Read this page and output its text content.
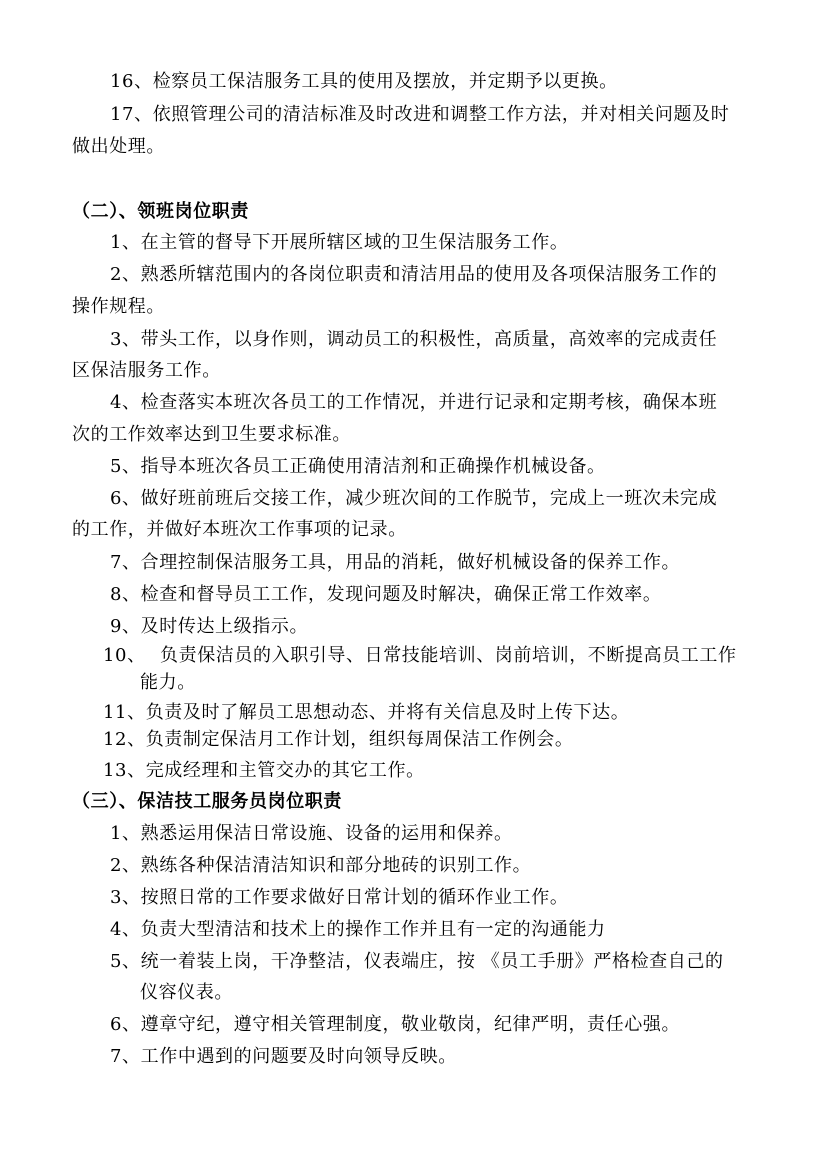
16、检察员工保洁服务工具的使用及摆放，并定期予以更换。
17、依照管理公司的清洁标准及时改进和调整工作方法，并对相关问题及时
做出处理。
（二）、领班岗位职责
1、在主管的督导下开展所辖区域的卫生保洁服务工作。
2、熟悉所辖范围内的各岗位职责和清洁用品的使用及各项保洁服务工作的
操作规程。
3、带头工作，以身作则，调动员工的积极性，高质量，高效率的完成责任
区保洁服务工作。
4、检查落实本班次各员工的工作情况，并进行记录和定期考核，确保本班
次的工作效率达到卫生要求标准。
5、指导本班次各员工正确使用清洁剂和正确操作机械设备。
6、做好班前班后交接工作，减少班次间的工作脱节，完成上一班次未完成
的工作，并做好本班次工作事项的记录。
7、合理控制保洁服务工具，用品的消耗，做好机械设备的保养工作。
8、检查和督导员工工作，发现问题及时解决，确保正常工作效率。
9、及时传达上级指示。
10、 负责保洁员的入职引导、日常技能培训、岗前培训，不断提高员工工作
能力。
11、负责及时了解员工思想动态、并将有关信息及时上传下达。
12、负责制定保洁月工作计划，组织每周保洁工作例会。
13、完成经理和主管交办的其它工作。
（三）、保洁技工服务员岗位职责
1、熟悉运用保洁日常设施、设备的运用和保养。
2、熟练各种保洁清洁知识和部分地砖的识别工作。
3、按照日常的工作要求做好日常计划的循环作业工作。
4、负责大型清洁和技术上的操作工作并且有一定的沟通能力
5、统一着装上岗，干净整洁，仪表端庄，按 《员工手册》严格检查自己的
仪容仪表。
6、遵章守纪，遵守相关管理制度，敬业敬岗，纪律严明，责任心强。
7、工作中遇到的问题要及时向领导反映。
